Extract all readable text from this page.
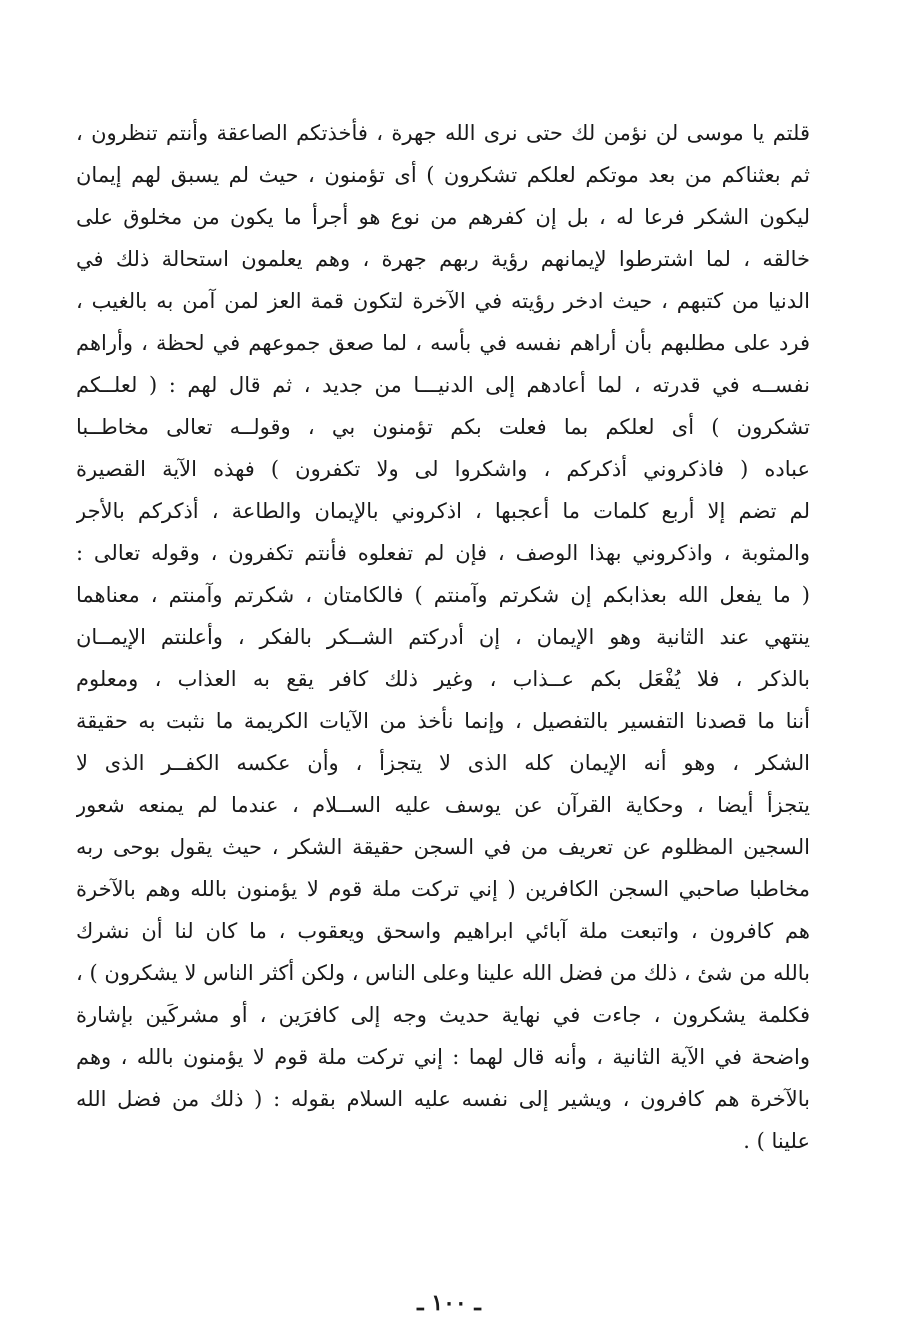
قلتم يا موسى لن نؤمن لك حتى نرى الله جهرة ، فأخذتكم الصاعقة وأنتم تنظرون ،
ثم بعثناكم من بعد موتكم لعلكم تشكرون ) أى تؤمنون ، حيث لم يسبق لهم إيمان
ليكون الشكر فرعا له ، بل إن كفرهم من نوع هو أجرأ ما يكون من مخلوق على
خالقه ، لما اشترطوا لإيمانهم رؤية ربهم جهرة ، وهم يعلمون استحالة ذلك في
الدنيا من كتبهم ، حيث ادخر رؤيته في الآخرة لتكون قمة العز لمن آمن به بالغيب ،
فرد على مطلبهم بأن أراهم نفسه في بأسه ، لما صعق جموعهم في لحظة ، وأراهم
نفســه في قدرته ، لما أعادهم إلى الدنيـــا من جديد ، ثم قال لهم : ( لعلــكم
تشكرون ) أى لعلكم بما فعلت بكم تؤمنون بي ، وقولــه تعالى مخاطــبا
عباده ( فاذكروني أذكركم ، واشكروا لى ولا تكفرون ) فهذه الآية القصيرة
لم تضم إلا أربع كلمات ما أعجبها ، اذكروني بالإيمان والطاعة ، أذكركم بالأجر
والمثوبة ، واذكروني بهذا الوصف ، فإن لم تفعلوه فأنتم تكفرون ، وقوله تعالى :
( ما يفعل الله بعذابكم إن شكرتم وآمنتم ) فالكامتان ، شكرتم وآمنتم ، معناهما
ينتهي عند الثانية وهو الإيمان ، إن أدركتم الشــكر بالفكر ، وأعلنتم الإيمــان
بالذكر ، فلا يُفْعَل بكم عــذاب ، وغير ذلك كافر يقع به العذاب ، ومعلوم
أننا ما قصدنا التفسير بالتفصيل ، وإنما نأخذ من الآيات الكريمة ما نثبت به حقيقة
الشكر ، وهو أنه الإيمان كله الذى لا يتجزأ ، وأن عكسه الكفــر الذى لا
يتجزأ أيضا ، وحكاية القرآن عن يوسف عليه الســلام ، عندما لم يمنعه شعور
السجين المظلوم عن تعريف من في السجن حقيقة الشكر ، حيث يقول بوحى ربه
مخاطبا صاحبي السجن الكافرين ( إني تركت ملة قوم لا يؤمنون بالله وهم بالآخرة
هم كافرون ، واتبعت ملة آبائي ابراهيم واسحق ويعقوب ، ما كان لنا أن نشرك
بالله من شئ ، ذلك من فضل الله علينا وعلى الناس ، ولكن أكثر الناس لا يشكرون ) ،
فكلمة يشكرون ، جاءت في نهاية حديث وجه إلى كافرَين ، أو مشركَين بإشارة
واضحة في الآية الثانية ، وأنه قال لهما : إني تركت ملة قوم لا يؤمنون بالله ، وهم
بالآخرة هم كافرون ، ويشير إلى نفسه عليه السلام بقوله : ( ذلك من فضل الله
علينا ) .
ـ ١٠٠ ـ
